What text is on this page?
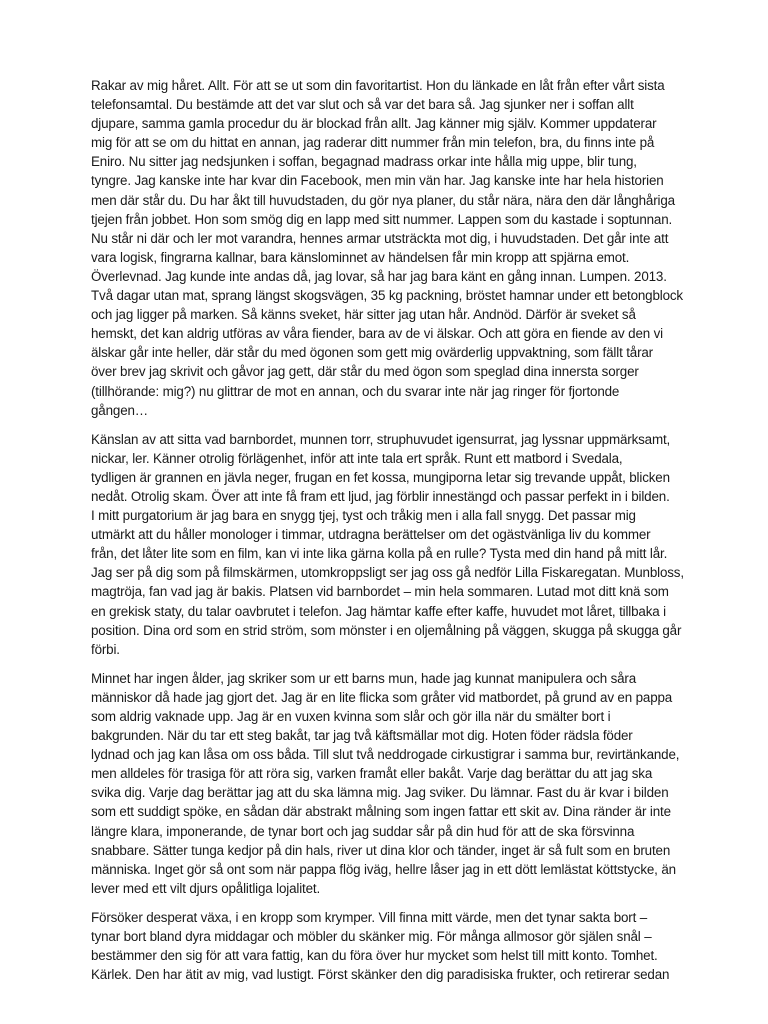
Rakar av mig håret. Allt. För att se ut som din favoritartist. Hon du länkade en låt från efter vårt sista
telefonsamtal. Du bestämde att det var slut och så var det bara så. Jag sjunker ner i soffan allt
djupare, samma gamla procedur du är blockad från allt. Jag känner mig själv. Kommer uppdaterar
mig för att se om du hittat en annan, jag raderar ditt nummer från min telefon, bra, du finns inte på
Eniro. Nu sitter jag nedsjunken i soffan, begagnad madrass orkar inte hålla mig uppe, blir tung,
tyngre. Jag kanske inte har kvar din Facebook, men min vän har. Jag kanske inte har hela historien
men där står du. Du har åkt till huvudstaden, du gör nya planer, du står nära, nära den där långhåriga
tjejen från jobbet. Hon som smög dig en lapp med sitt nummer. Lappen som du kastade i soptunnan.
Nu står ni där och ler mot varandra, hennes armar utsträckta mot dig, i huvudstaden. Det går inte att
vara logisk, fingrarna kallnar, bara känslominnet av händelsen får min kropp att spjärna emot.
Överlevnad. Jag kunde inte andas då, jag lovar, så har jag bara känt en gång innan. Lumpen. 2013.
Två dagar utan mat, sprang längst skogsvägen, 35 kg packning, bröstet hamnar under ett betongblock
och jag ligger på marken. Så känns sveket, här sitter jag utan hår. Andnöd. Därför är sveket så
hemskt, det kan aldrig utföras av våra fiender, bara av de vi älskar. Och att göra en fiende av den vi
älskar går inte heller, där står du med ögonen som gett mig ovärderlig uppvaktning, som fällt tårar
över brev jag skrivit och gåvor jag gett, där står du med ögon som speglad dina innersta sorger
(tillhörande: mig?) nu glittrar de mot en annan, och du svarar inte när jag ringer för fjortonde
gången…

Känslan av att sitta vad barnbordet, munnen torr, struphuvudet igensurrat, jag lyssnar uppmärksamt,
nickar, ler. Känner otrolig förlägenhet, inför att inte tala ert språk. Runt ett matbord i Svedala,
tydligen är grannen en jävla neger, frugan en fet kossa, mungiporna letar sig trevande uppåt, blicken
nedåt. Otrolig skam. Över att inte få fram ett ljud, jag förblir innestängd och passar perfekt in i bilden.
I mitt purgatorium är jag bara en snygg tjej, tyst och tråkig men i alla fall snygg. Det passar mig
utmärkt att du håller monologer i timmar, utdragna berättelser om det ogästvänliga liv du kommer
från, det låter lite som en film, kan vi inte lika gärna kolla på en rulle? Tysta med din hand på mitt lår.
Jag ser på dig som på filmskärmen, utomkroppsligt ser jag oss gå nedför Lilla Fiskaregatan. Munbloss,
magtröja, fan vad jag är bakis. Platsen vid barnbordet – min hela sommaren. Lutad mot ditt knä som
en grekisk staty, du talar oavbrutet i telefon. Jag hämtar kaffe efter kaffe, huvudet mot låret, tillbaka i
position. Dina ord som en strid ström, som mönster i en oljemålning på väggen, skugga på skugga går
förbi.

Minnet har ingen ålder, jag skriker som ur ett barns mun, hade jag kunnat manipulera och såra
människor då hade jag gjort det. Jag är en lite flicka som gråter vid matbordet, på grund av en pappa
som aldrig vaknade upp. Jag är en vuxen kvinna som slår och gör illa när du smälter bort i
bakgrunden. När du tar ett steg bakåt, tar jag två käftsmällar mot dig. Hoten föder rädsla föder
lydnad och jag kan låsa om oss båda. Till slut två neddrogade cirkustigrar i samma bur, revirtänkande,
men alldeles för trasiga för att röra sig, varken framåt eller bakåt. Varje dag berättar du att jag ska
svika dig. Varje dag berättar jag att du ska lämna mig. Jag sviker. Du lämnar. Fast du är kvar i bilden
som ett suddigt spöke, en sådan där abstrakt målning som ingen fattar ett skit av. Dina ränder är inte
längre klara, imponerande, de tynar bort och jag suddar sår på din hud för att de ska försvinna
snabbare. Sätter tunga kedjor på din hals, river ut dina klor och tänder, inget är så fult som en bruten
människa. Inget gör så ont som när pappa flög iväg, hellre låser jag in ett dött lemlästat köttstycke, än
lever med ett vilt djurs opålitliga lojalitet.

Försöker desperat växa, i en kropp som krymper. Vill finna mitt värde, men det tynar sakta bort –
tynar bort bland dyra middagar och möbler du skänker mig. För många allmosor gör själen snål –
bestämmer den sig för att vara fattig, kan du föra över hur mycket som helst till mitt konto. Tomhet.
Kärlek. Den har ätit av mig, vad lustigt. Först skänker den dig paradisiska frukter, och retirerar sedan
